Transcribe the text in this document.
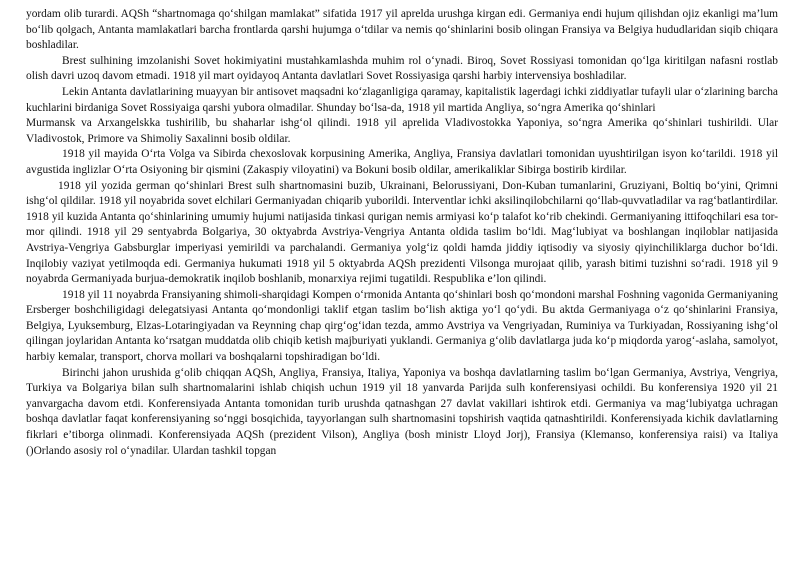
yordam olib turardi. AQSh “shartnomaga qo‘shilgan mamlakat” sifatida 1917 yil aprelda urushga kirgan edi. Germaniya endi hujum qilishdan ojiz ekanligi ma’lum bo‘lib qolgach, Antanta mamlakatlari barcha frontlarda qarshi hujumga o‘tdilar va nemis qo‘shinlarini bosib olingan Fransiya va Belgiya hududlaridan siqib chiqara boshladilar.

Brest sulhining imzolanishi Sovet hokimiyatini mustahkamlashda muhim rol o‘ynadi. Biroq, Sovet Rossiyasi tomonidan qo‘lga kiritilgan nafasni rostlab olish davri uzoq davom etmadi. 1918 yil mart oyidayoq Antanta davlatlari Sovet Rossiyasiga qarshi harbiy intervensiya boshladilar.

Lekin Antanta davlatlarining muayyan bir antisovet maqsadni ko‘zlaganligiga qaramay, kapitalistik lagerdagi ichki ziddiyatlar tufayli ular o‘zlarining barcha kuchlarini birdaniga Sovet Rossiyaiga qarshi yubora olmadilar. Shunday bo‘lsa-da, 1918 yil martida Angliya, so‘ngra Amerika qo‘shinlari

Murmansk va Arxangelskka tushirilib, bu shaharlar ishg‘ol qilindi. 1918 yil aprelida Vladivostokka Yaponiya, so‘ngra Amerika qo‘shinlari tushirildi. Ular Vladivostok, Primore va Shimoliy Saxalinni bosib oldilar.

1918 yil mayida O‘rta Volga va Sibirda chexoslovak korpusining Amerika, Angliya, Fransiya davlatlari tomonidan uyushtirilgan isyon ko‘tarildi. 1918 yil avgustida inglizlar O‘rta Osiyoning bir qismini (Zakaspiy viloyatini) va Bokuni bosib oldilar, amerikaliklar Sibirga bostirib kirdilar.

1918 yil yozida german qo‘shinlari Brest sulh shartnomasini buzib, Ukrainani, Belorussiyani, Don-Kuban tumanlarini, Gruziyani, Boltiq bo‘yini, Qrimni ishg‘ol qildilar. 1918 yil noyabrida sovet elchilari Germaniyadan chiqarib yuborildi. Interventlar ichki aksilinqilobchilarni qo‘llab-quvvatladilar va rag‘batlantirdilar. 1918 yil kuzida Antanta qo‘shinlarining umumiy hujumi natijasida tinkasi qurigan nemis armiyasi ko‘p talafot ko‘rib chekindi. Germaniyaning ittifoqchilari esa tor-mor qilindi. 1918 yil 29 sentyabrda Bolgariya, 30 oktyabrda Avstriya-Vengriya Antanta oldida taslim bo‘ldi. Mag‘lubiyat va boshlangan inqiloblar natijasida Avstriya-Vengriya Gabsburglar imperiyasi yemirildi va parchalandi. Germaniya yolg‘iz qoldi hamda jiddiy iqtisodiy va siyosiy qiyinchiliklarga duchor bo‘ldi. Inqilobiy vaziyat yetilmoqda edi. Germaniya hukumati 1918 yil 5 oktyabrda AQSh prezidenti Vilsonga murojaat qilib, yarash bitimi tuzishni so‘radi. 1918 yil 9 noyabrda Germaniyada burjua-demokratik inqilob boshlanib, monarxiya rejimi tugatildi. Respublika e’lon qilindi.

1918 yil 11 noyabrda Fransiyaning shimoli-sharqidagi Kompen o‘rmonida Antanta qo‘shinlari bosh qo‘mondoni marshal Foshning vagonida Germaniyaning Ersberger boshchiligidagi delegatsiyasi Antanta qo‘mondonligi taklif etgan taslim bo‘lish aktiga yo‘l qo‘ydi. Bu aktda Germaniyaga o‘z qo‘shinlarini Fransiya, Belgiya, Lyuksemburg, Elzas-Lotaringiyadan va Reynning chap qirg‘og‘idan tezda, ammo Avstriya va Vengriyadan, Ruminiya va Turkiyadan, Rossiyaning ishg‘ol qilingan joylaridan Antanta ko‘rsatgan muddatda olib chiqib ketish majburiyati yuklandi. Germaniya g‘olib davlatlarga juda ko‘p miqdorda yarog‘-aslaha, samolyot, harbiy kemalar, transport, chorva mollari va boshqalarni topshiradigan bo‘ldi.

Birinchi jahon urushida g‘olib chiqqan AQSh, Angliya, Fransiya, Italiya, Yaponiya va boshqa davlatlarning taslim bo‘lgan Germaniya, Avstriya, Vengriya, Turkiya va Bolgariya bilan sulh shartnomalarini ishlab chiqish uchun 1919 yil 18 yanvarda Parijda sulh konferensiyasi ochildi. Bu konferensiya 1920 yil 21 yanvargacha davom etdi. Konferensiyada Antanta tomonidan turib urushda qatnashgan 27 davlat vakillari ishtirok etdi. Germaniya va mag‘lubiyatga uchragan boshqa davlatlar faqat konferensiyaning so‘nggi bosqichida, tayyorlangan sulh shartnomasini topshirish vaqtida qatnashtirildi. Konferensiyada kichik davlatlarning fikrlari e’tiborga olinmadi. Konferensiyada AQSh (prezident Vilson), Angliya (bosh ministr Lloyd Jorj), Fransiya (Klemanso, konferensiya raisi) va Italiya ()Orlando asosiy rol o‘ynadilar. Ulardan tashkil topgan
